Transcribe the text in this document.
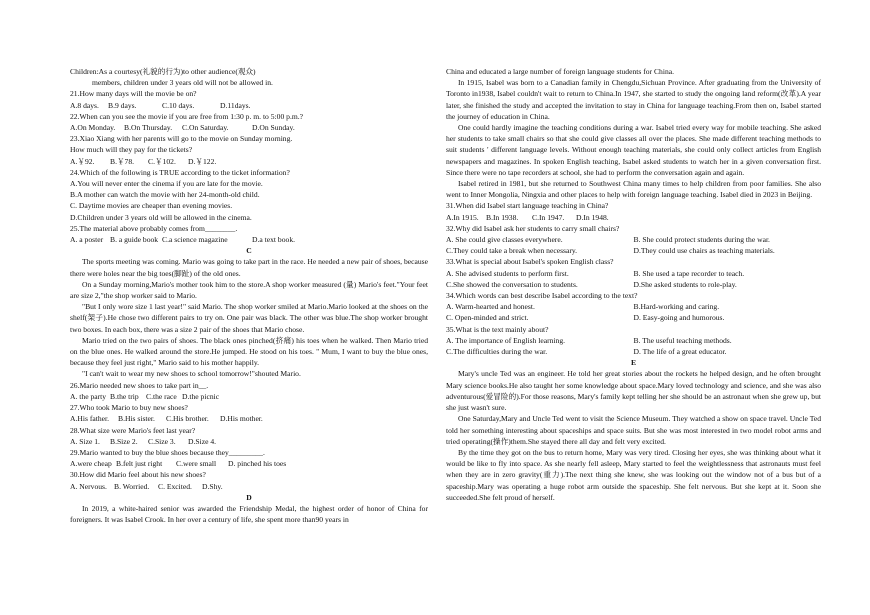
Children:As a courtesy(礼貌的行为)to other audience(观众)

members, children under 3 years old will not be allowed in.

21.How many days will the movie be on?

A.8 days.	B.9 days.	C.10 days.	D.11days.

22.When can you see the movie if you are free from 1:30 p. m. to 5:00 p.m.?

A.On Monday.	B.On Thursday.	C.On Saturday.	D.On Sunday.

23.Xiao Xiang with her parents will go to the movie on Sunday morning.

How much will they pay for the tickets?

A.￥92.	B.￥78.	C.￥102.	D.￥122.

24.Which of the following is TRUE according to the ticket information?

A.You will never enter the cinema if you are late for the movie.

B.A mother can watch the movie with her 24-month-old child.

C. Daytime movies are cheaper than evening movies.

D.Children under 3 years old will be allowed in the cinema.

25.The material above probably comes from________.

A. a poster B. a guide book C.a science magazine	D.a text book.

C

The sports meeting was coming. Mario was going to take part in the race. He needed a new pair of shoes, because there were holes near the big toes(脚趾) of the old ones.

On a Sunday morning,Mario's mother took him to the store.A shop worker measured (量) Mario's feet."Your feet are size 2,"the shop worker said to Mario.

"But I only wore size 1 last year!" said Mario. The shop worker smiled at Mario.Mario looked at the shoes on the shelf(架子).He chose two different pairs to try on. One pair was black. The other was blue.The shop worker brought two boxes. In each box, there was a size 2 pair of the shoes that Mario chose.

Mario tried on the two pairs of shoes. The black ones pinched(挤痛) his toes when he walked. Then Mario tried on the blue ones. He walked around the store.He jumped. He stood on his toes. " Mum, I want to buy the blue ones, because they feel just right," Mario said to his mother happily.

"I can't wait to wear my new shoes to school tomorrow!"shouted Mario.

26.Mario needed new shoes to take part in__.

A. the party B.the trip C.the race D.the picnic

27.Who took Mario to buy new shoes?

A.His father.	B.His sister.	C.His brother.	D.His mother.

28.What size were Mario's feet last year?

A. Size 1.	B.Size 2.	C.Size 3.	D.Size 4.

29.Mario wanted to buy the blue shoes because they_________.

A.were cheap B.felt just right	C.were small	D. pinched his toes

30.How did Mario feel about his new shoes?

A. Nervous. B. Worried.	C. Excited.	D.Shy.

D

In 2019, a white-haired senior was awarded the Friendship Medal, the highest order of honor of China for foreigners. It was Isabel Crook. In her over a century of life, she spent more than90 years in

China and educated a large number of foreign language students for China.

In 1915, Isabel was born to a Canadian family in Chengdu,Sichuan Province. After graduating from the University of Toronto in1938, Isabel couldn't wait to return to China.In 1947, she started to study the ongoing land reform(改革).A year later, she finished the study and accepted the invitation to stay in China for language teaching.From then on, Isabel started the journey of education in China.

One could hardly imagine the teaching conditions during a war. Isabel tried every way for mobile teaching. She asked her students to take small chairs so that she could give classes all over the places. She made different teaching methods to suit students ' different language levels. Without enough teaching materials, she could only collect articles from English newspapers and magazines. In spoken English teaching, Isabel asked students to watch her in a given conversation first. Since there were no tape recorders at school, she had to perform the conversation again and again.

Isabel retired in 1981, but she returned to Southwest China many times to help children from poor families. She also went to Inner Mongolia, Ningxia and other places to help with foreign language teaching. Isabel died in 2023 in Beijing.

31.When did Isabel start language teaching in China?

A.In 1915. B.In 1938.	C.In 1947.	D.In 1948.

32.Why did Isabel ask her students to carry small chairs?

A. She could give classes everywhere.	B. She could protect students during the war.
C.They could take a break when necessary.	D.They could use chairs as teaching materials.

33.What is special about Isabel's spoken English class?

A. She advised students to perform first.	B. She used a tape recorder to teach.
C.She showed the conversation to students.	D.She asked students to role-play.

34.Which words can best describe Isabel according to the text?

A. Warm-hearted and honest.	B.Hard-working and caring.
C. Open-minded and strict.	D. Easy-going and humorous.

35.What is the text mainly about?

A. The importance of English learning.	B. The useful teaching methods.
C.The difficulties during the war.	D. The life of a great educator.

E

Mary's uncle Ted was an engineer. He told her great stories about the rockets he helped design, and he often brought Mary science books.He also taught her some knowledge about space.Mary loved technology and science, and she was also adventurous(爱冒险的).For those reasons, Mary's family kept telling her she should be an astronaut when she grew up, but she just wasn't sure.

One Saturday,Mary and Uncle Ted went to visit the Science Museum. They watched a show on space travel. Uncle Ted told her something interesting about spaceships and space suits. But she was most interested in two model robot arms and tried operating(操作)them.She stayed there all day and felt very excited.

By the time they got on the bus to return home, Mary was very tired. Closing her eyes, she was thinking about what it would be like to fly into space. As she nearly fell asleep, Mary started to feel the weightlessness that astronauts must feel when they are in zero gravity(重力).The next thing she knew, she was looking out the window not of a bus but of a spaceship.Mary was operating a huge robot arm outside the spaceship. She felt nervous. But she kept at it. Soon she succeeded.She felt proud of herself.
